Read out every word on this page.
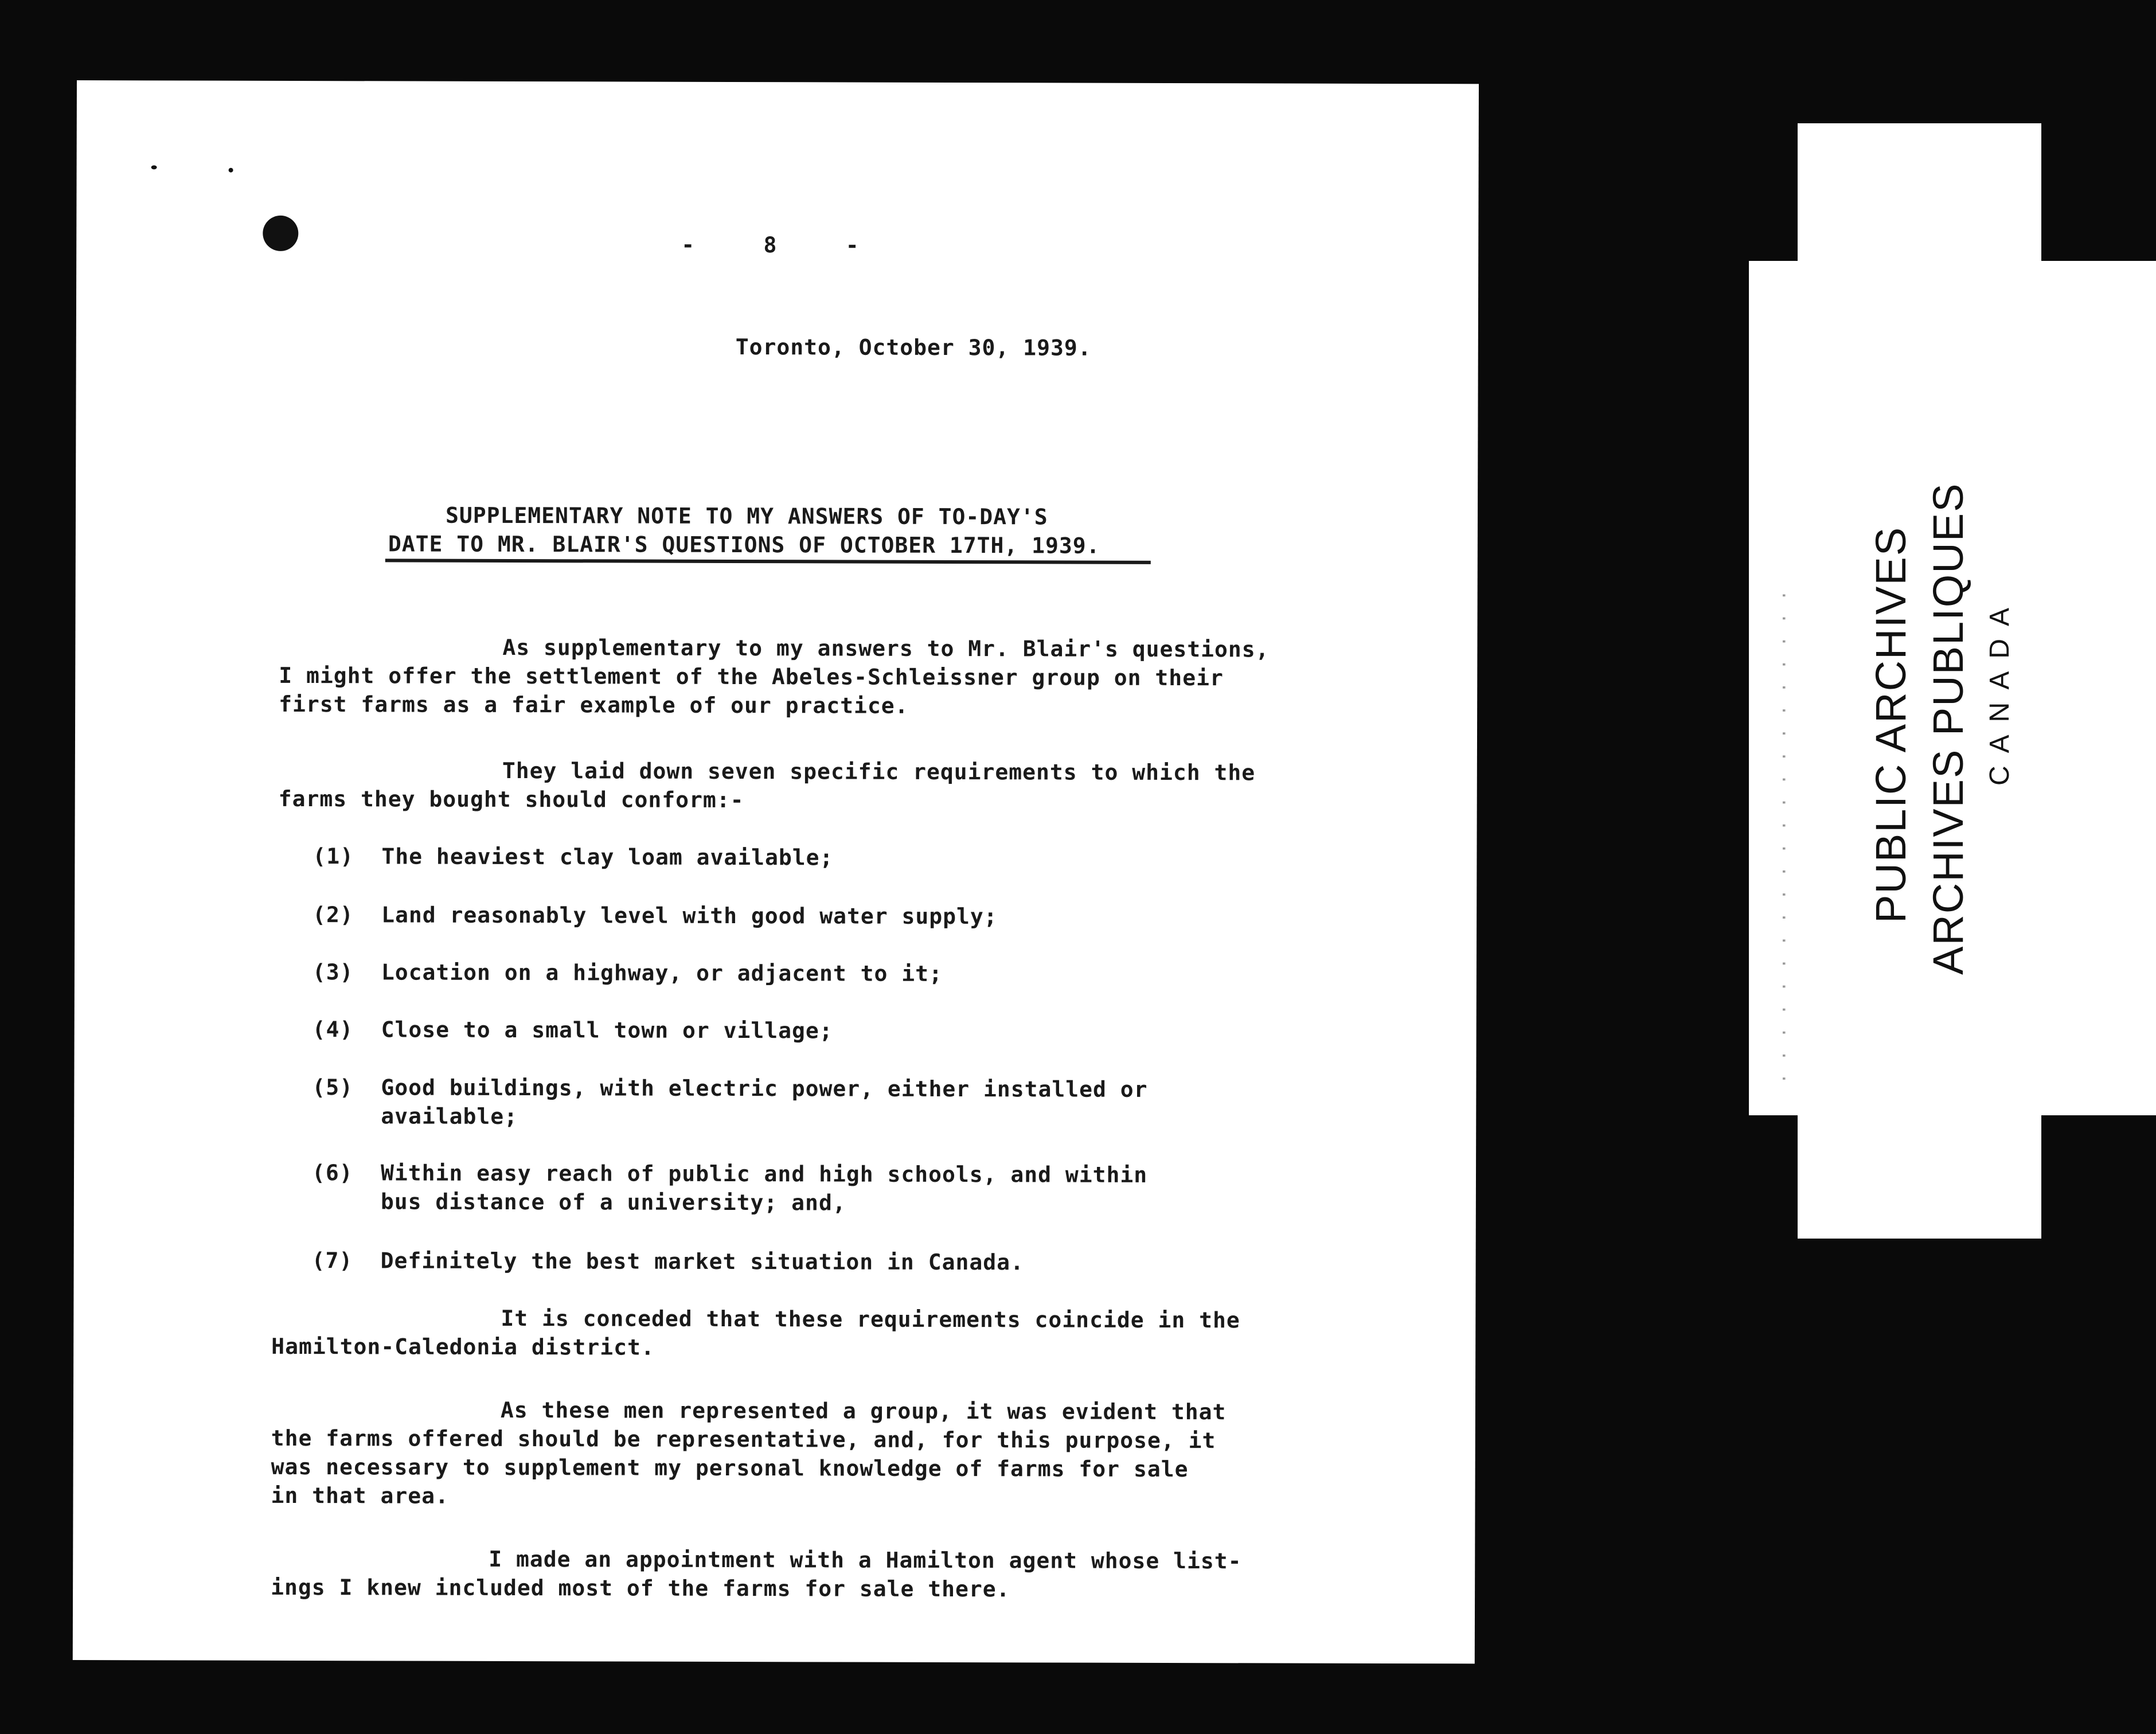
-     8     -
Toronto, October 30, 1939.
SUPPLEMENTARY NOTE TO MY ANSWERS OF TO-DAY'S
DATE TO MR. BLAIR'S QUESTIONS OF OCTOBER 17TH, 1939.
As supplementary to my answers to Mr. Blair's questions,
I might offer the settlement of the Abeles-Schleissner group on their
first farms as a fair example of our practice.
They laid down seven specific requirements to which the
farms they bought should conform:-
(1) The heaviest clay loam available;
(2) Land reasonably level with good water supply;
(3) Location on a highway, or adjacent to it;
(4) Close to a small town or village;
(5) Good buildings, with electric power, either installed or
available;
(6) Within easy reach of public and high schools, and within
bus distance of a university; and,
(7) Definitely the best market situation in Canada.
It is conceded that these requirements coincide in the
Hamilton-Caledonia district.
As these men represented a group, it was evident that
the farms offered should be representative, and, for this purpose, it
was necessary to supplement my personal knowledge of farms for sale
in that area.
I made an appointment with a Hamilton agent whose list-
ings I knew included most of the farms for sale there.
· · · · · · · · · · · · · · · · · · · · · · PUBLIC ARCHIVES ARCHIVES PUBLIQUES CANADA
